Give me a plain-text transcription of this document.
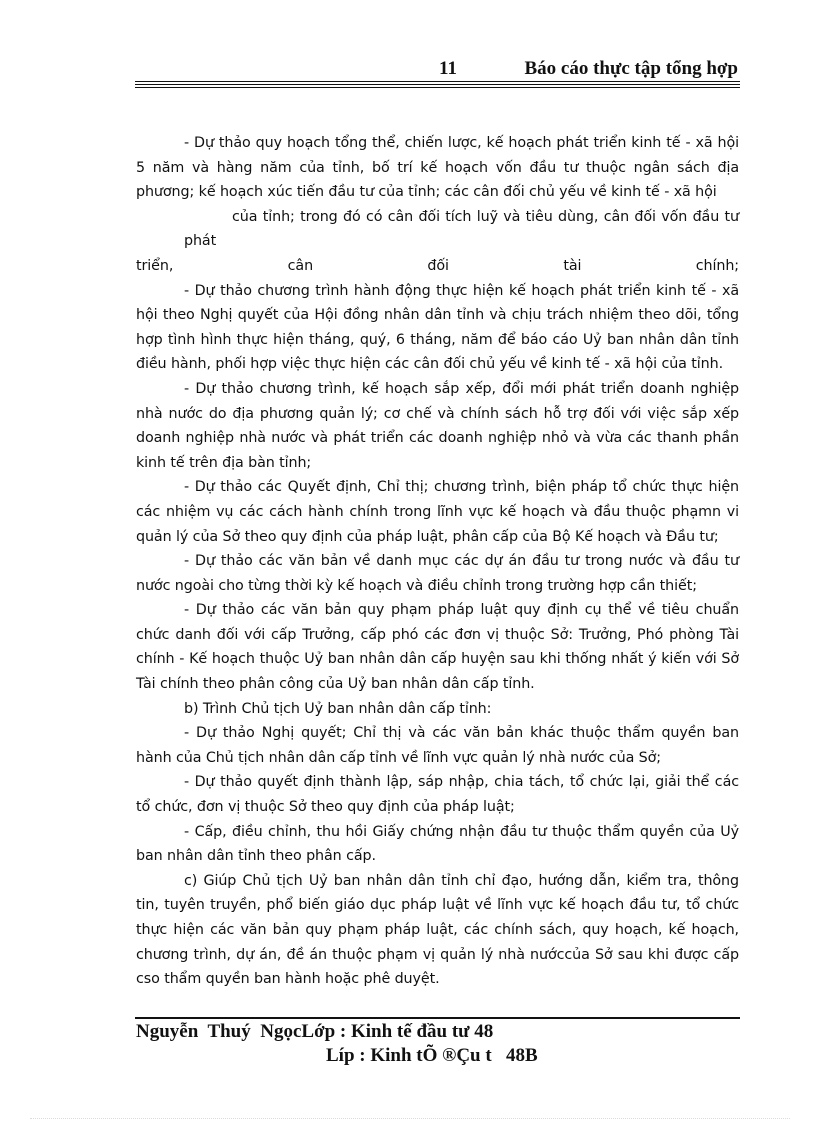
11	Báo cáo thực tập tổng hợp

- Dự thảo quy hoạch tổng thể, chiến lược, kế hoạch phát triển kinh tế - xã hội 5 năm và hàng năm của tỉnh, bố trí kế hoạch vốn đầu tư thuộc ngân sách địa phương; kế hoạch xúc tiến đầu tư của tỉnh; các cân đối chủ yếu về kinh tế - xã hội
của tỉnh; trong đó có cân đối tích luỹ và tiêu dùng, cân đối vốn đầu tư phát

triển, cân đối tài chính;

- Dự thảo chương trình hành động thực hiện kế hoạch phát triển kinh tế - xã hội theo Nghị quyết của Hội đồng nhân dân tỉnh và chịu trách nhiệm theo dõi, tổng hợp tình hình thực hiện tháng, quý, 6 tháng, năm để báo cáo Uỷ ban nhân dân tỉnh điều hành, phối hợp việc thực hiện các cân đối chủ yếu về kinh tế - xã hội của tỉnh.

- Dự thảo chương trình, kế hoạch sắp xếp, đổi mới phát triển doanh nghiệp nhà nước do địa phương quản lý; cơ chế và chính sách hỗ trợ đối với việc sắp xếp doanh nghiệp nhà nước và phát triển các doanh nghiệp nhỏ và vừa các thanh phần kinh tế trên địa bàn tỉnh;

- Dự thảo các Quyết định, Chỉ thị; chương trình, biện pháp tổ chức thực hiện các nhiệm vụ các cách hành chính trong lĩnh vực kế hoạch và đầu thuộc phạmn vi quản lý của Sở theo quy định của pháp luật, phân cấp của Bộ Kế hoạch và Đầu tư;

- Dự thảo các văn bản về danh mục các dự án đầu tư trong nước và đầu tư nước ngoài cho từng thời kỳ kế hoạch và điều chỉnh trong trường hợp cần thiết;

- Dự thảo các văn bản quy phạm pháp luật quy định cụ thể về tiêu chuẩn chức danh đối với cấp Trưởng, cấp phó các đơn vị thuộc Sở: Trưởng, Phó phòng Tài chính - Kế hoạch thuộc Uỷ ban nhân dân cấp huyện sau khi thống nhất ý kiến với Sở Tài chính theo phân công của Uỷ ban nhân dân cấp tỉnh.

b) Trình Chủ tịch Uỷ ban nhân dân cấp tỉnh:

- Dự thảo Nghị quyết; Chỉ thị và các văn bản khác thuộc thẩm quyền ban hành của Chủ tịch nhân dân cấp tỉnh về lĩnh vực quản lý nhà nước của Sở;

- Dự thảo quyết định thành lập, sáp nhập, chia tách, tổ chức lại, giải thể các tổ chức, đơn vị thuộc Sở theo quy định của pháp luật;

- Cấp, điều chỉnh, thu hồi Giấy chứng nhận đầu tư thuộc thẩm quyền của Uỷ ban nhân dân tỉnh theo phân cấp.

c) Giúp Chủ tịch Uỷ ban nhân dân tỉnh chỉ đạo, hướng dẫn, kiểm tra, thông tin, tuyên truyền, phổ biến giáo dục pháp luật về lĩnh vực kế hoạch đầu tư, tổ chức thực hiện các văn bản quy phạm pháp luật, các chính sách, quy hoạch, kế hoạch, chương trình, dự án, đề án thuộc phạm vị quản lý nhà nướccủa Sở sau khi được cấp cso thẩm quyền ban hành hoặc phê duyệt.

Nguyễn  Thuý  NgọcLớp : Kinh tế đầu tư 48
Líp : Kinh tÕ ®Çu t   48B
